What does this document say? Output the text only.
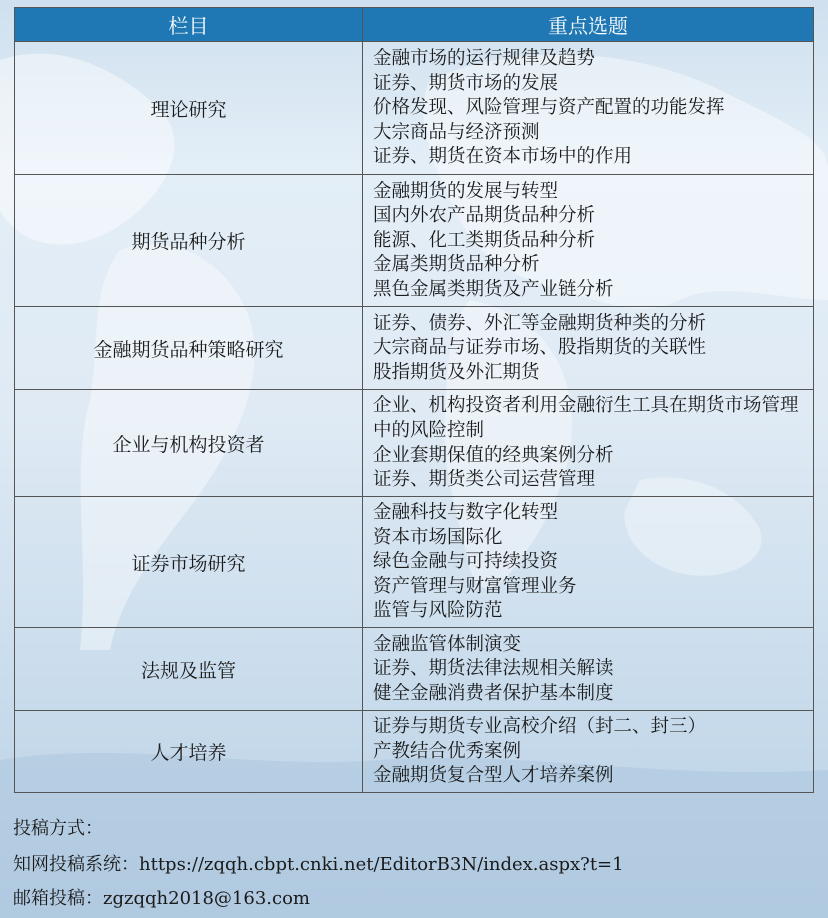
栏目	重点选题
理论研究	金融市场的运行规律及趋势
证券、期货市场的发展
价格发现、风险管理与资产配置的功能发挥
大宗商品与经济预测
证券、期货在资本市场中的作用

期货品种分析	金融期货的发展与转型
国内外农产品期货品种分析
能源、化工类期货品种分析
金属类期货品种分析
黑色金属类期货及产业链分析

金融期货品种策略研究	证券、债券、外汇等金融期货种类的分析
大宗商品与证券市场、股指期货的关联性
股指期货及外汇期货

企业与机构投资者	企业、机构投资者利用金融衍生工具在期货市场管理中的风险控制
企业套期保值的经典案例分析
证券、期货类公司运营管理

证券市场研究	金融科技与数字化转型
资本市场国际化
绿色金融与可持续投资
资产管理与财富管理业务
监管与风险防范

法规及监管	金融监管体制演变
证券、期货法律法规相关解读
健全金融消费者保护基本制度

人才培养	证券与期货专业高校介绍（封二、封三）
产教结合优秀案例
金融期货复合型人才培养案例
投稿方式：
知网投稿系统：https://zqqh.cbpt.cnki.net/EditorB3N/index.aspx?t=1
邮箱投稿：zgzqqh2018@163.com
